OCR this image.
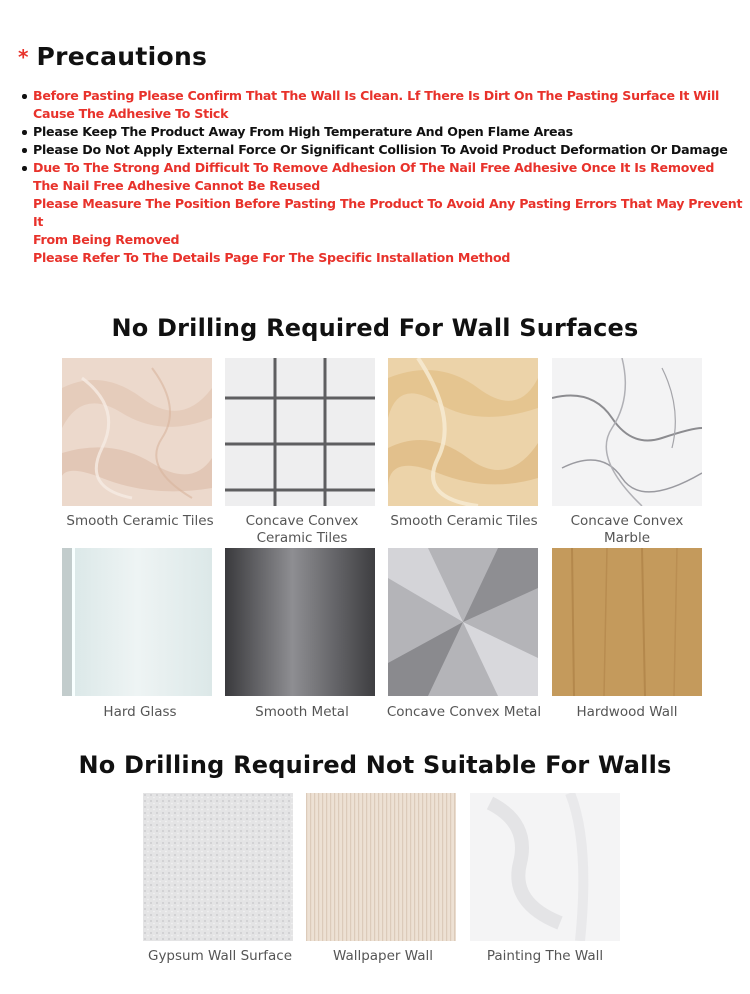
* Precautions
Before Pasting Please Confirm That The Wall Is Clean. Lf There Is Dirt On The Pasting Surface It Will
Cause The Adhesive To Stick
Please Keep The Product Away From High Temperature And Open Flame Areas
Please Do Not Apply External Force Or Significant Collision To Avoid Product Deformation Or Damage
Due To The Strong And Difficult To Remove Adhesion Of The Nail Free Adhesive Once It Is Removed
The Nail Free Adhesive Cannot Be Reused
Please Measure The Position Before Pasting The Product To Avoid Any Pasting Errors That May Prevent It
From Being Removed
Please Refer To The Details Page For The Specific Installation Method
No Drilling Required For Wall Surfaces
Smooth Ceramic Tiles	Concave Convex Ceramic Tiles
Smooth Ceramic Tiles	Concave Convex Marble
Hard Glass	Smooth Metal	Concave Convex Metal	Hardwood Wall
No Drilling Required Not Suitable For Walls
Gypsum Wall Surface	Wallpaper Wall	Painting The Wall
